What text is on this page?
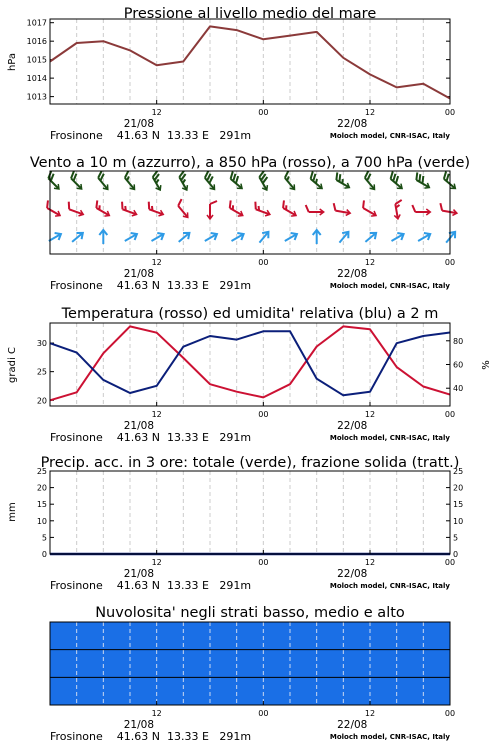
Pressione al livello medio del mare
1013
1014
1015
1016
1017
hPa
12	00	12	00
21/08	22/08
Frosinone    41.63 N  13.33 E   291m	Moloch model, CNR-ISAC, Italy
Vento a 10 m (azzurro), a 850 hPa (rosso), a 700 hPa (verde)
12	00	12	00
21/08	22/08
Frosinone    41.63 N  13.33 E   291m	Moloch model, CNR-ISAC, Italy
Temperatura (rosso) ed umidita' relativa (blu) a 2 m
20
25
30
40
60
80
gradi C	%
12	00	12	00
21/08	22/08
Frosinone    41.63 N  13.33 E   291m	Moloch model, CNR-ISAC, Italy
Precip. acc. in 3 ore: totale (verde), frazione solida (tratt.)
0	0
5	5
10	10
15	15
20	20
25	25
mm
12	00	12	00
21/08	22/08
Frosinone    41.63 N  13.33 E   291m	Moloch model, CNR-ISAC, Italy
Nuvolosita' negli strati basso, medio e alto
12	00	12	00
21/08	22/08
Frosinone    41.63 N  13.33 E   291m	Moloch model, CNR-ISAC, Italy
